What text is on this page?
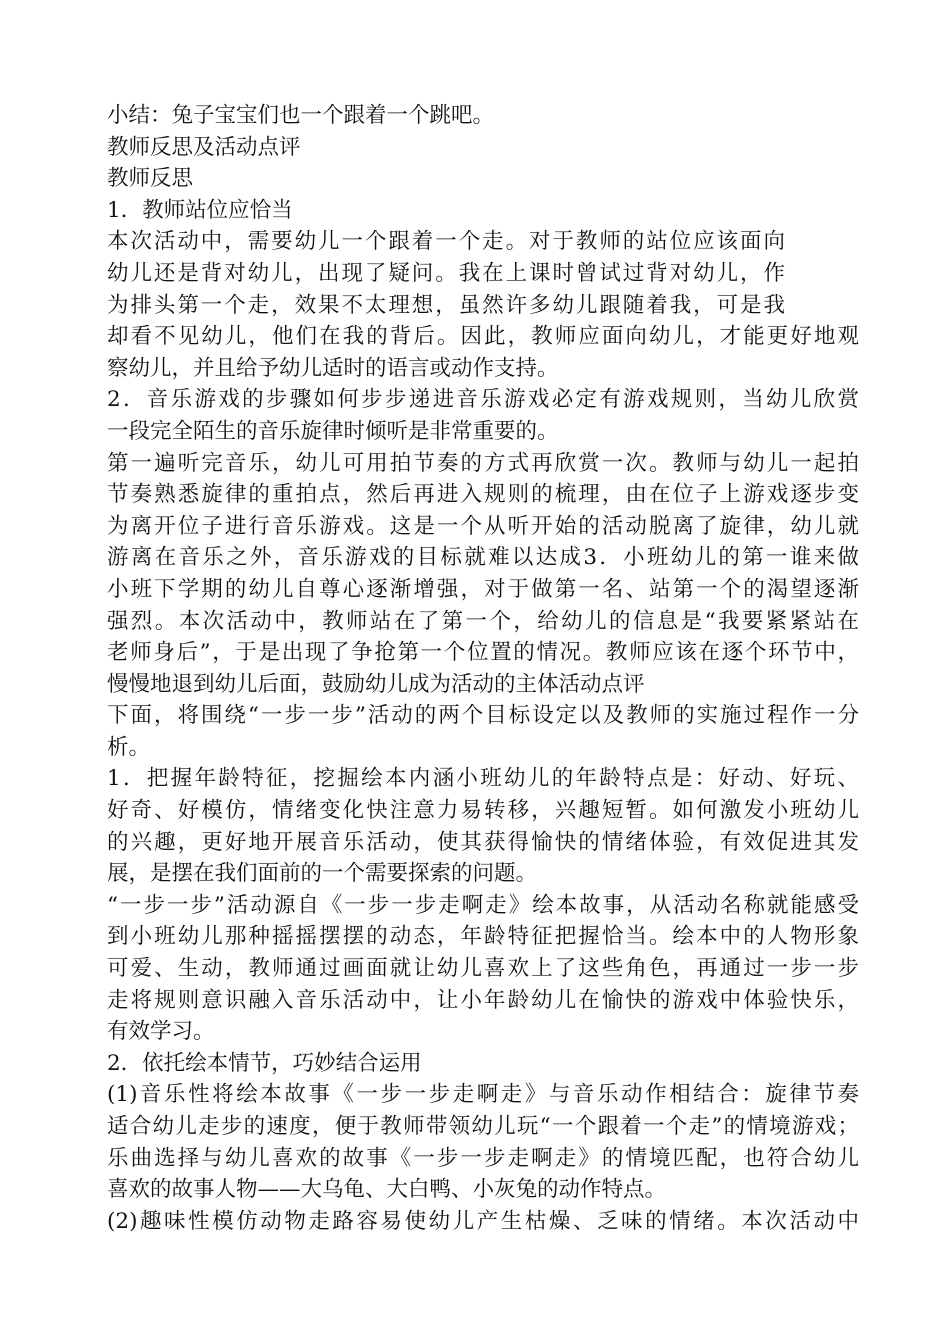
小结：兔子宝宝们也一个跟着一个跳吧。
教师反思及活动点评
教师反思
1．教师站位应恰当
本次活动中，需要幼儿一个跟着一个走。对于教师的站位应该面向
幼儿还是背对幼儿，出现了疑问。我在上课时曾试过背对幼儿，作
为排头第一个走，效果不太理想，虽然许多幼儿跟随着我，可是我
却看不见幼儿，他们在我的背后。因此，教师应面向幼儿，才能更好地观
察幼儿，并且给予幼儿适时的语言或动作支持。
2．音乐游戏的步骤如何步步递进音乐游戏必定有游戏规则，当幼儿欣赏
一段完全陌生的音乐旋律时倾听是非常重要的。
第一遍听完音乐，幼儿可用拍节奏的方式再欣赏一次。教师与幼儿一起拍
节奏熟悉旋律的重拍点，然后再进入规则的梳理，由在位子上游戏逐步变
为离开位子进行音乐游戏。这是一个从听开始的活动脱离了旋律，幼儿就
游离在音乐之外，音乐游戏的目标就难以达成3．小班幼儿的第一谁来做
小班下学期的幼儿自尊心逐渐增强，对于做第一名、站第一个的渴望逐渐
强烈。本次活动中，教师站在了第一个，给幼儿的信息是“我要紧紧站在
老师身后”，于是出现了争抢第一个位置的情况。教师应该在逐个环节中，
慢慢地退到幼儿后面，鼓励幼儿成为活动的主体活动点评
下面，将围绕“一步一步”活动的两个目标设定以及教师的实施过程作一分
析。
1．把握年龄特征，挖掘绘本内涵小班幼儿的年龄特点是：好动、好玩、
好奇、好模仿，情绪变化快注意力易转移，兴趣短暂。如何激发小班幼儿
的兴趣，更好地开展音乐活动，使其获得愉快的情绪体验，有效促进其发
展，是摆在我们面前的一个需要探索的问题。
“一步一步”活动源自《一步一步走啊走》绘本故事，从活动名称就能感受
到小班幼儿那种摇摇摆摆的动态，年龄特征把握恰当。绘本中的人物形象
可爱、生动，教师通过画面就让幼儿喜欢上了这些角色，再通过一步一步
走将规则意识融入音乐活动中，让小年龄幼儿在愉快的游戏中体验快乐，
有效学习。
2．依托绘本情节，巧妙结合运用
(1)音乐性将绘本故事《一步一步走啊走》与音乐动作相结合：旋律节奏
适合幼儿走步的速度，便于教师带领幼儿玩“一个跟着一个走”的情境游戏；
乐曲选择与幼儿喜欢的故事《一步一步走啊走》的情境匹配，也符合幼儿
喜欢的故事人物——大乌龟、大白鸭、小灰兔的动作特点。
(2)趣味性模仿动物走路容易使幼儿产生枯燥、乏味的情绪。本次活动中
